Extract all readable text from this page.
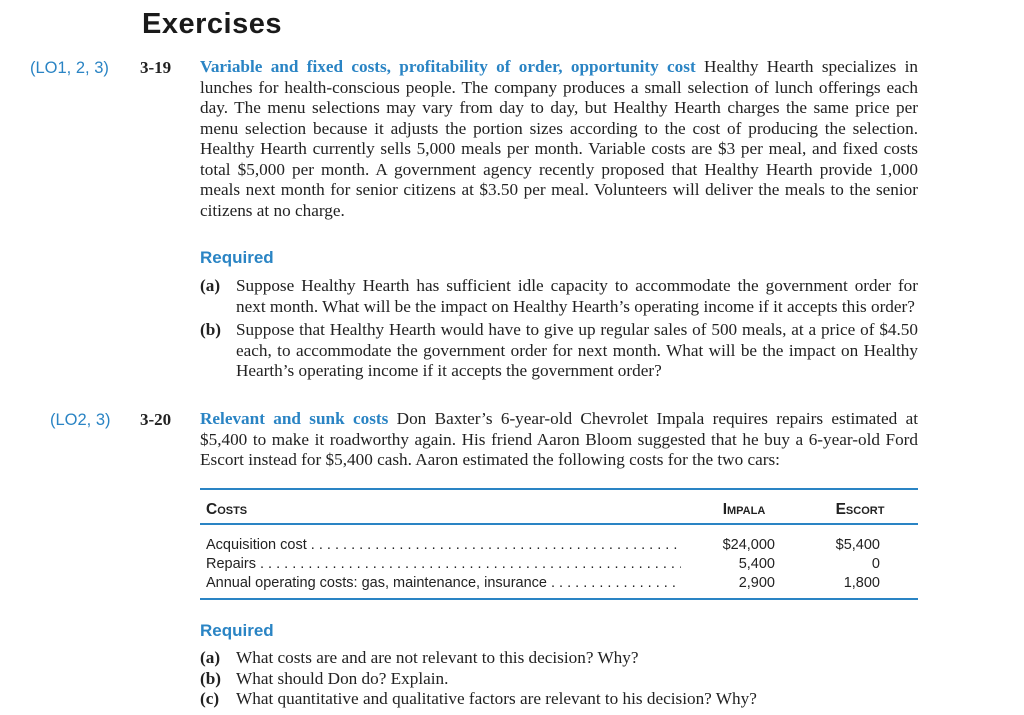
Exercises
(LO1, 2, 3) 3-19 Variable and fixed costs, profitability of order, opportunity cost Healthy Hearth specializes in lunches for health-conscious people. The company produces a small selection of lunch offerings each day. The menu selections may vary from day to day, but Healthy Hearth charges the same price per menu selection because it adjusts the portion sizes according to the cost of producing the selection. Healthy Hearth currently sells 5,000 meals per month. Variable costs are $3 per meal, and fixed costs total $5,000 per month. A government agency recently proposed that Healthy Hearth provide 1,000 meals next month for senior citizens at $3.50 per meal. Volunteers will deliver the meals to the senior citizens at no charge.
Required
(a) Suppose Healthy Hearth has sufficient idle capacity to accommodate the government order for next month. What will be the impact on Healthy Hearth’s operating income if it accepts this order?
(b) Suppose that Healthy Hearth would have to give up regular sales of 500 meals, at a price of $4.50 each, to accommodate the government order for next month. What will be the impact on Healthy Hearth’s operating income if it accepts the government order?
(LO2, 3) 3-20 Relevant and sunk costs Don Baxter’s 6-year-old Chevrolet Impala requires repairs estimated at $5,400 to make it roadworthy again. His friend Aaron Bloom suggested that he buy a 6-year-old Ford Escort instead for $5,400 cash. Aaron estimated the following costs for the two cars:
Costs	Impala	Escort
Acquisition cost . . .	$24,000	$5,400
Repairs . . .	5,400	0
Annual operating costs: gas, maintenance, insurance . . .	2,900	1,800
Required
(a) What costs are and are not relevant to this decision? Why?
(b) What should Don do? Explain.
(c) What quantitative and qualitative factors are relevant to his decision? Why?
